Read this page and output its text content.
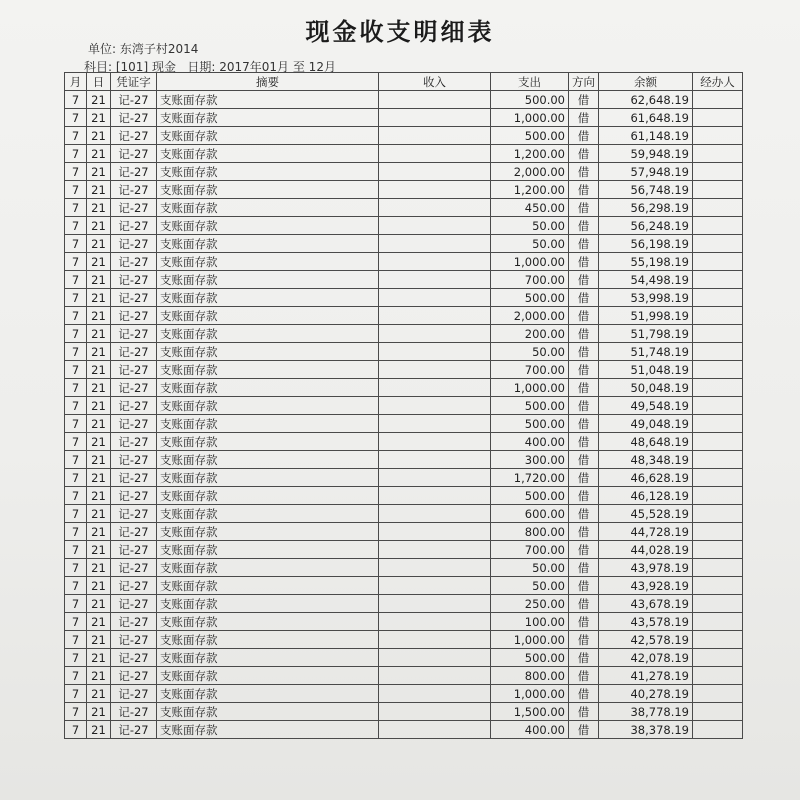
现金收支明细表
单位: 东湾子村2014
科目: [101] 现金   日期: 2017年01月 至 12月
月	日	凭证字	摘要	收入	支出	方向	余额	经办人
7	21	记-27	支账面存款		500.00	借	62,648.19	
7	21	记-27	支账面存款		1,000.00	借	61,648.19	
7	21	记-27	支账面存款		500.00	借	61,148.19	
7	21	记-27	支账面存款		1,200.00	借	59,948.19	
7	21	记-27	支账面存款		2,000.00	借	57,948.19	
7	21	记-27	支账面存款		1,200.00	借	56,748.19	
7	21	记-27	支账面存款		450.00	借	56,298.19	
7	21	记-27	支账面存款		50.00	借	56,248.19	
7	21	记-27	支账面存款		50.00	借	56,198.19	
7	21	记-27	支账面存款		1,000.00	借	55,198.19	
7	21	记-27	支账面存款		700.00	借	54,498.19	
7	21	记-27	支账面存款		500.00	借	53,998.19	
7	21	记-27	支账面存款		2,000.00	借	51,998.19	
7	21	记-27	支账面存款		200.00	借	51,798.19	
7	21	记-27	支账面存款		50.00	借	51,748.19	
7	21	记-27	支账面存款		700.00	借	51,048.19	
7	21	记-27	支账面存款		1,000.00	借	50,048.19	
7	21	记-27	支账面存款		500.00	借	49,548.19	
7	21	记-27	支账面存款		500.00	借	49,048.19	
7	21	记-27	支账面存款		400.00	借	48,648.19	
7	21	记-27	支账面存款		300.00	借	48,348.19	
7	21	记-27	支账面存款		1,720.00	借	46,628.19	
7	21	记-27	支账面存款		500.00	借	46,128.19	
7	21	记-27	支账面存款		600.00	借	45,528.19	
7	21	记-27	支账面存款		800.00	借	44,728.19	
7	21	记-27	支账面存款		700.00	借	44,028.19	
7	21	记-27	支账面存款		50.00	借	43,978.19	
7	21	记-27	支账面存款		50.00	借	43,928.19	
7	21	记-27	支账面存款		250.00	借	43,678.19	
7	21	记-27	支账面存款		100.00	借	43,578.19	
7	21	记-27	支账面存款		1,000.00	借	42,578.19	
7	21	记-27	支账面存款		500.00	借	42,078.19	
7	21	记-27	支账面存款		800.00	借	41,278.19	
7	21	记-27	支账面存款		1,000.00	借	40,278.19	
7	21	记-27	支账面存款		1,500.00	借	38,778.19	
7	21	记-27	支账面存款		400.00	借	38,378.19	
